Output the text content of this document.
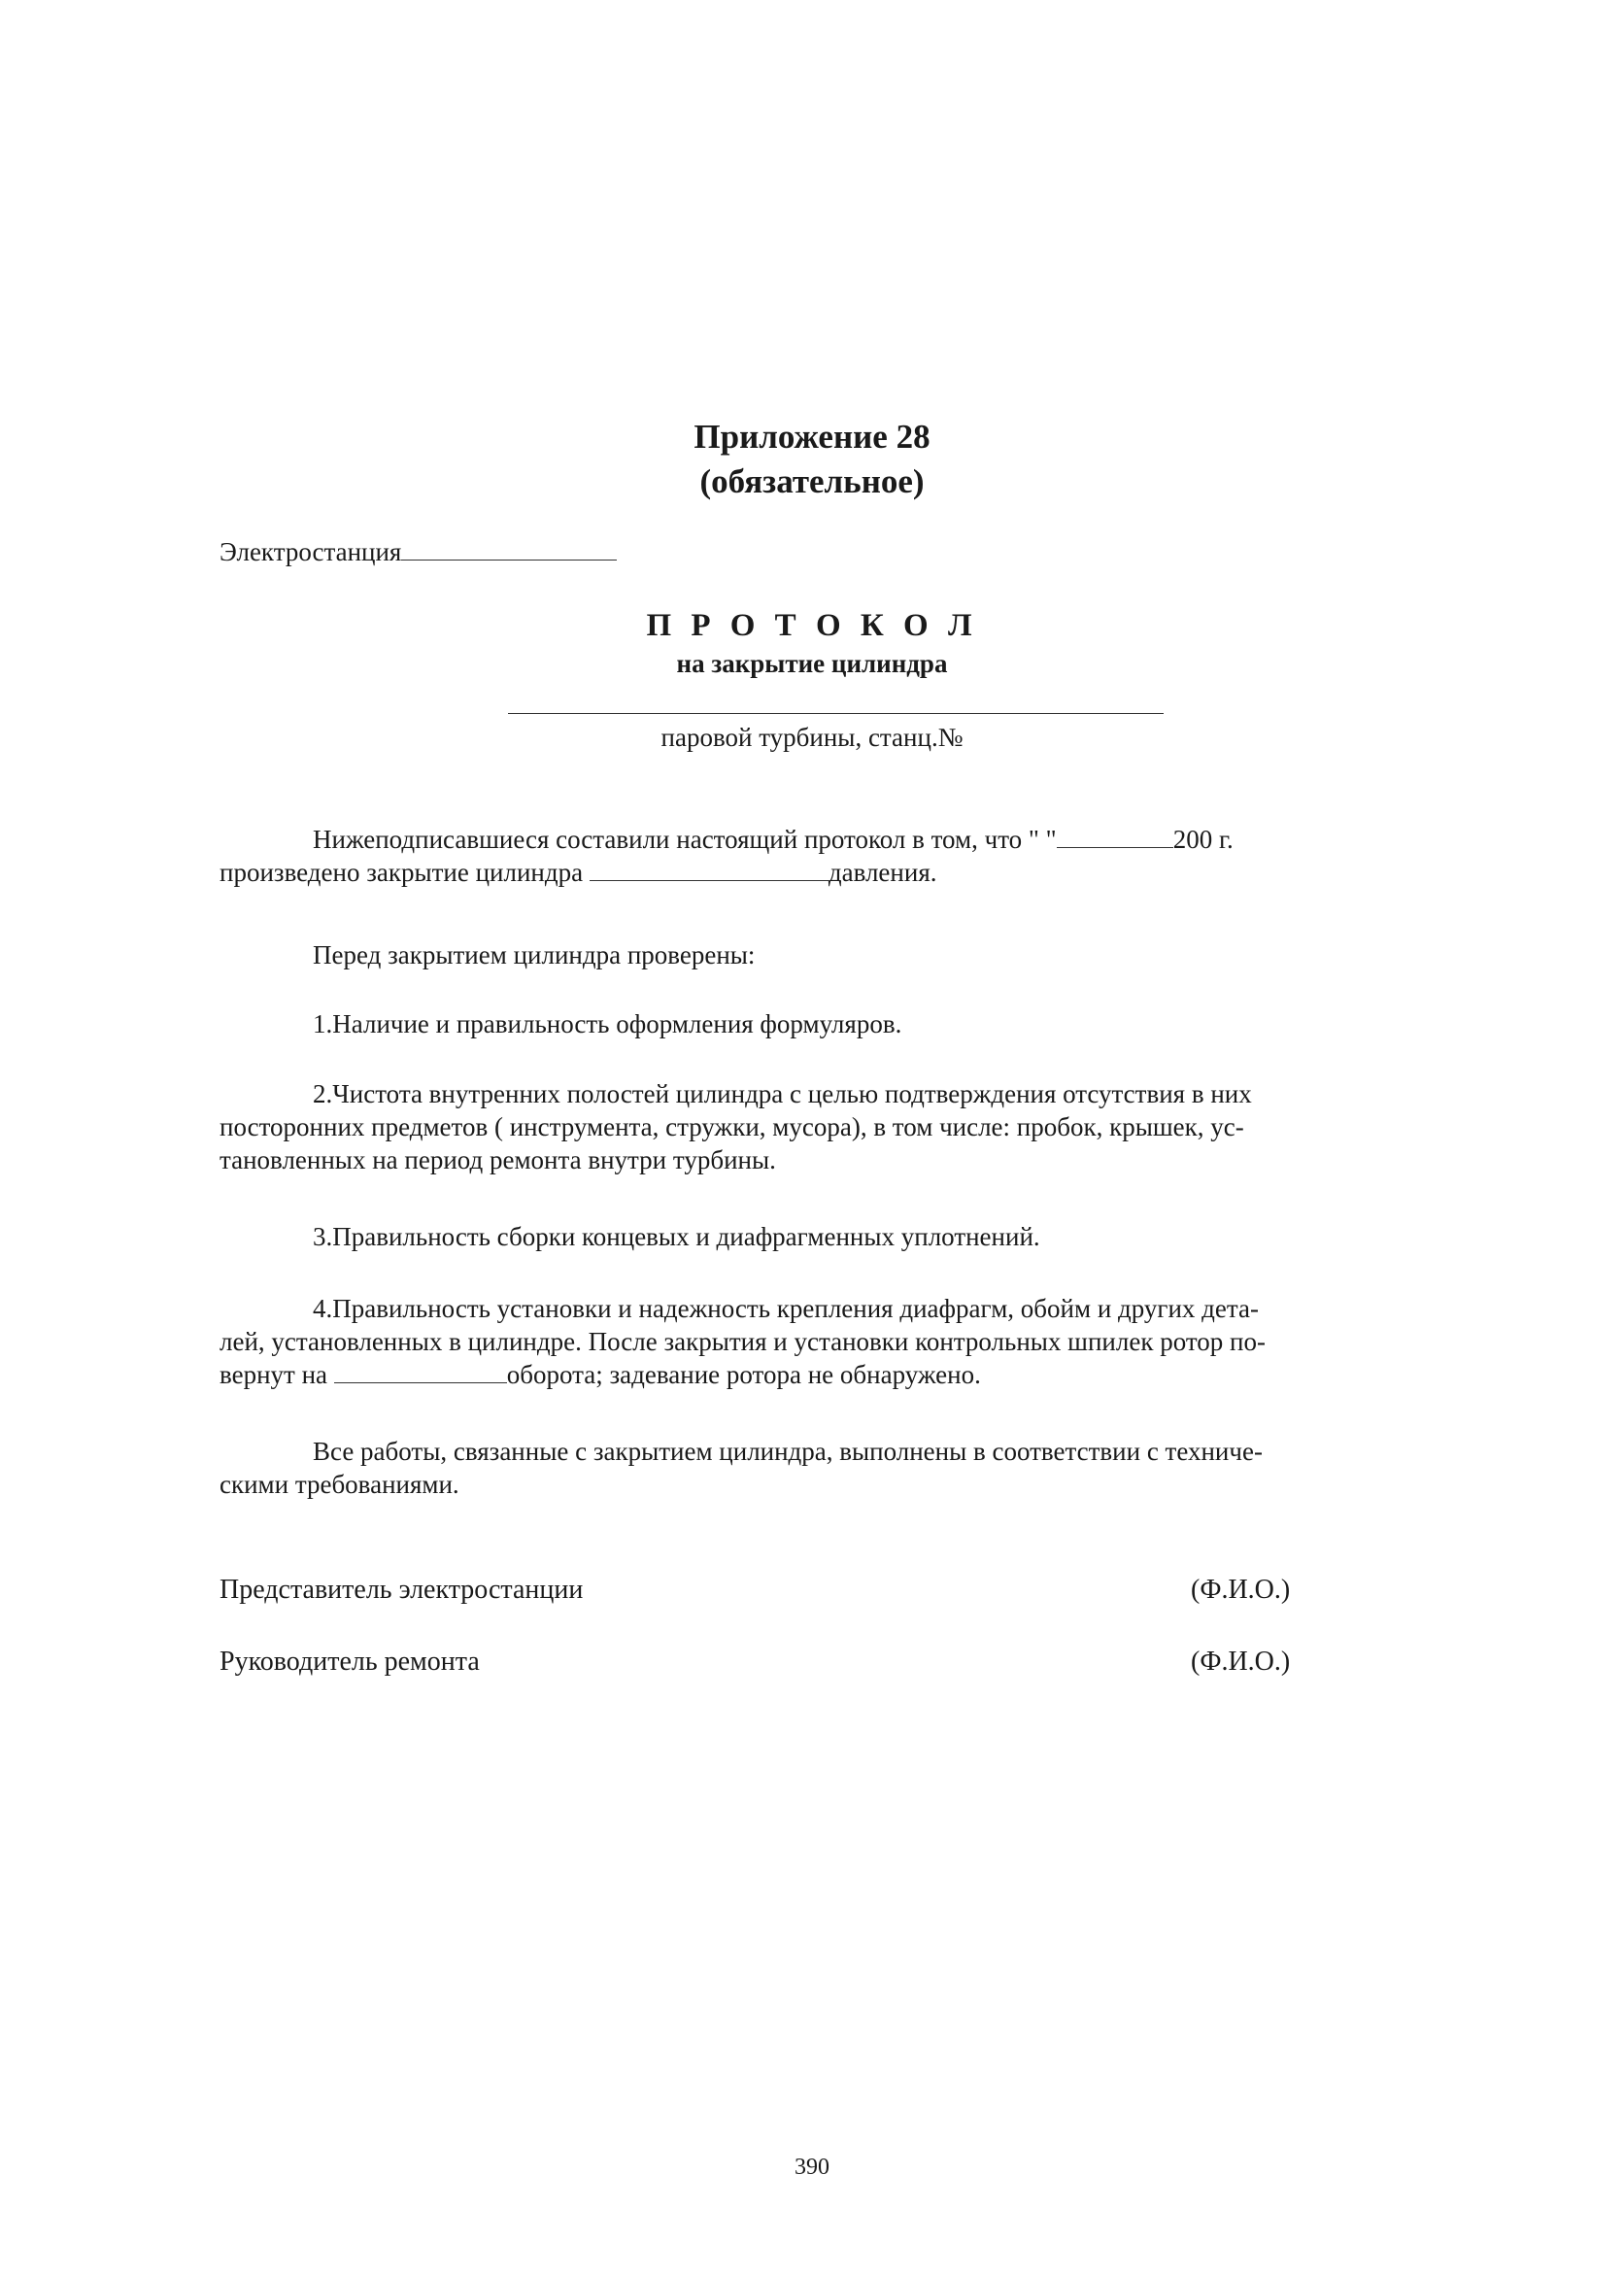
Приложение 28
(обязательное)
Электростанция
П Р О Т О К О Л
на закрытие цилиндра
паровой турбины, станц.№
Нижеподписавшиеся составили настоящий протокол в том, что " "	200 г.
произведено закрытие цилиндра	давления.
Перед закрытием цилиндра проверены:
1.Наличие и правильность оформления формуляров.
2.Чистота внутренних полостей цилиндра с целью подтверждения отсутствия в них
посторонних предметов ( инструмента, стружки, мусора), в том числе: пробок, крышек, ус-
тановленных на период ремонта внутри турбины.
3.Правильность сборки концевых и диафрагменных уплотнений.
4.Правильность установки и надежность крепления диафрагм, обойм и других дета-
лей, установленных в цилиндре. После закрытия и установки контрольных шпилек ротор по-
вернут на	оборота; задевание ротора не обнаружено.
Все работы, связанные с закрытием цилиндра, выполнены в соответствии с техниче-
скими требованиями.
Представитель электростанции	(Ф.И.О.)
Руководитель ремонта	(Ф.И.О.)
390
